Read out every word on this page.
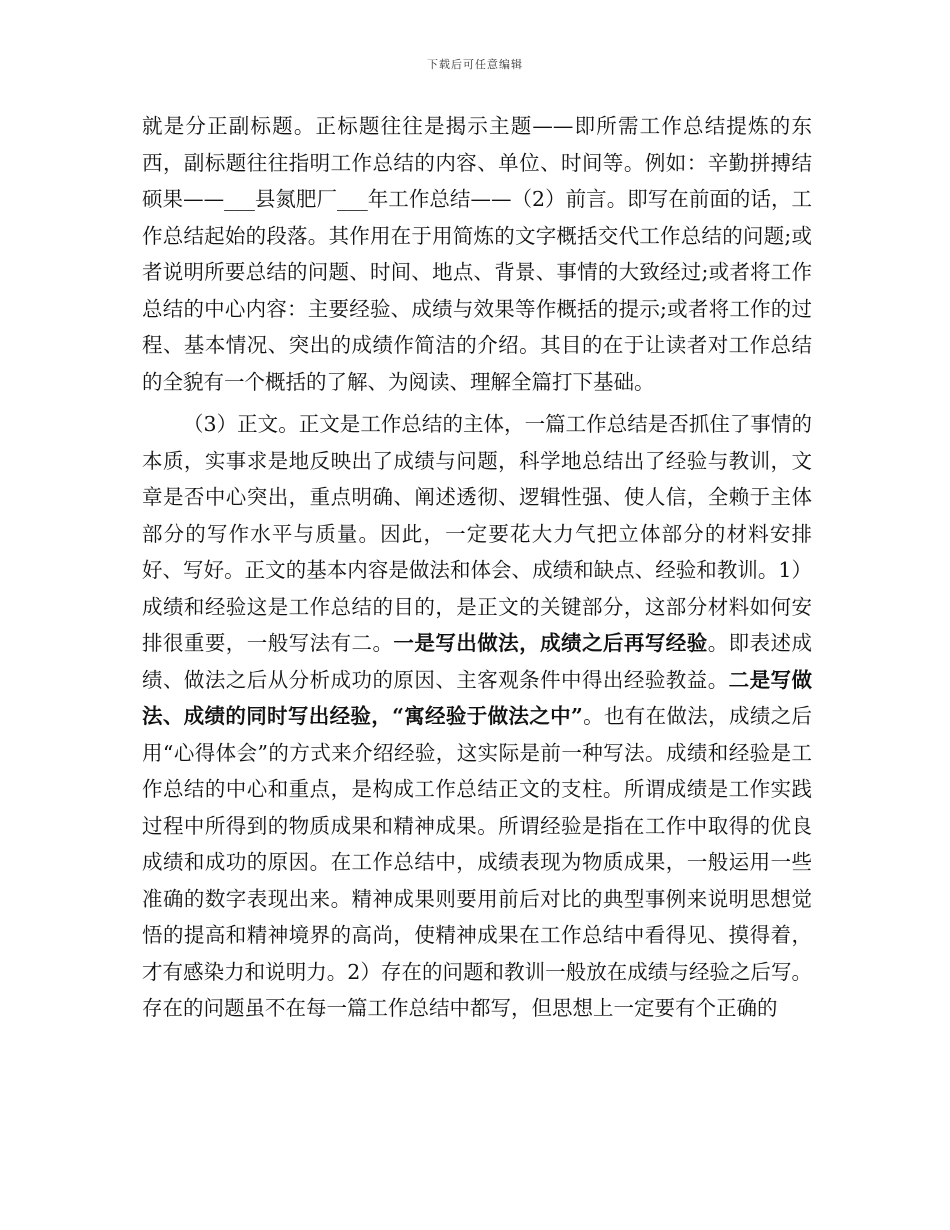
下载后可任意编辑

就是分正副标题。正标题往往是揭示主题——即所需工作总结提炼的东西，副标题往往指明工作总结的内容、单位、时间等。例如：辛勤拼搏结硕果——___县氮肥厂___年工作总结——（2）前言。即写在前面的话，工作总结起始的段落。其作用在于用简炼的文字概括交代工作总结的问题;或者说明所要总结的问题、时间、地点、背景、事情的大致经过;或者将工作总结的中心内容：主要经验、成绩与效果等作概括的提示;或者将工作的过程、基本情况、突出的成绩作简洁的介绍。其目的在于让读者对工作总结的全貌有一个概括的了解、为阅读、理解全篇打下基础。

（3）正文。正文是工作总结的主体，一篇工作总结是否抓住了事情的本质，实事求是地反映出了成绩与问题，科学地总结出了经验与教训，文章是否中心突出，重点明确、阐述透彻、逻辑性强、使人信，全赖于主体部分的写作水平与质量。因此，一定要花大力气把立体部分的材料安排好、写好。正文的基本内容是做法和体会、成绩和缺点、经验和教训。1）成绩和经验这是工作总结的目的，是正文的关键部分，这部分材料如何安排很重要，一般写法有二。一是写出做法，成绩之后再写经验。即表述成绩、做法之后从分析成功的原因、主客观条件中得出经验教益。二是写做法、成绩的同时写出经验，“寓经验于做法之中”。也有在做法，成绩之后用“心得体会”的方式来介绍经验，这实际是前一种写法。成绩和经验是工作总结的中心和重点，是构成工作总结正文的支柱。所谓成绩是工作实践过程中所得到的物质成果和精神成果。所谓经验是指在工作中取得的优良成绩和成功的原因。在工作总结中，成绩表现为物质成果，一般运用一些准确的数字表现出来。精神成果则要用前后对比的典型事例来说明思想觉悟的提高和精神境界的高尚，使精神成果在工作总结中看得见、摸得着，才有感染力和说明力。2）存在的问题和教训一般放在成绩与经验之后写。存在的问题虽不在每一篇工作总结中都写，但思想上一定要有个正确的
